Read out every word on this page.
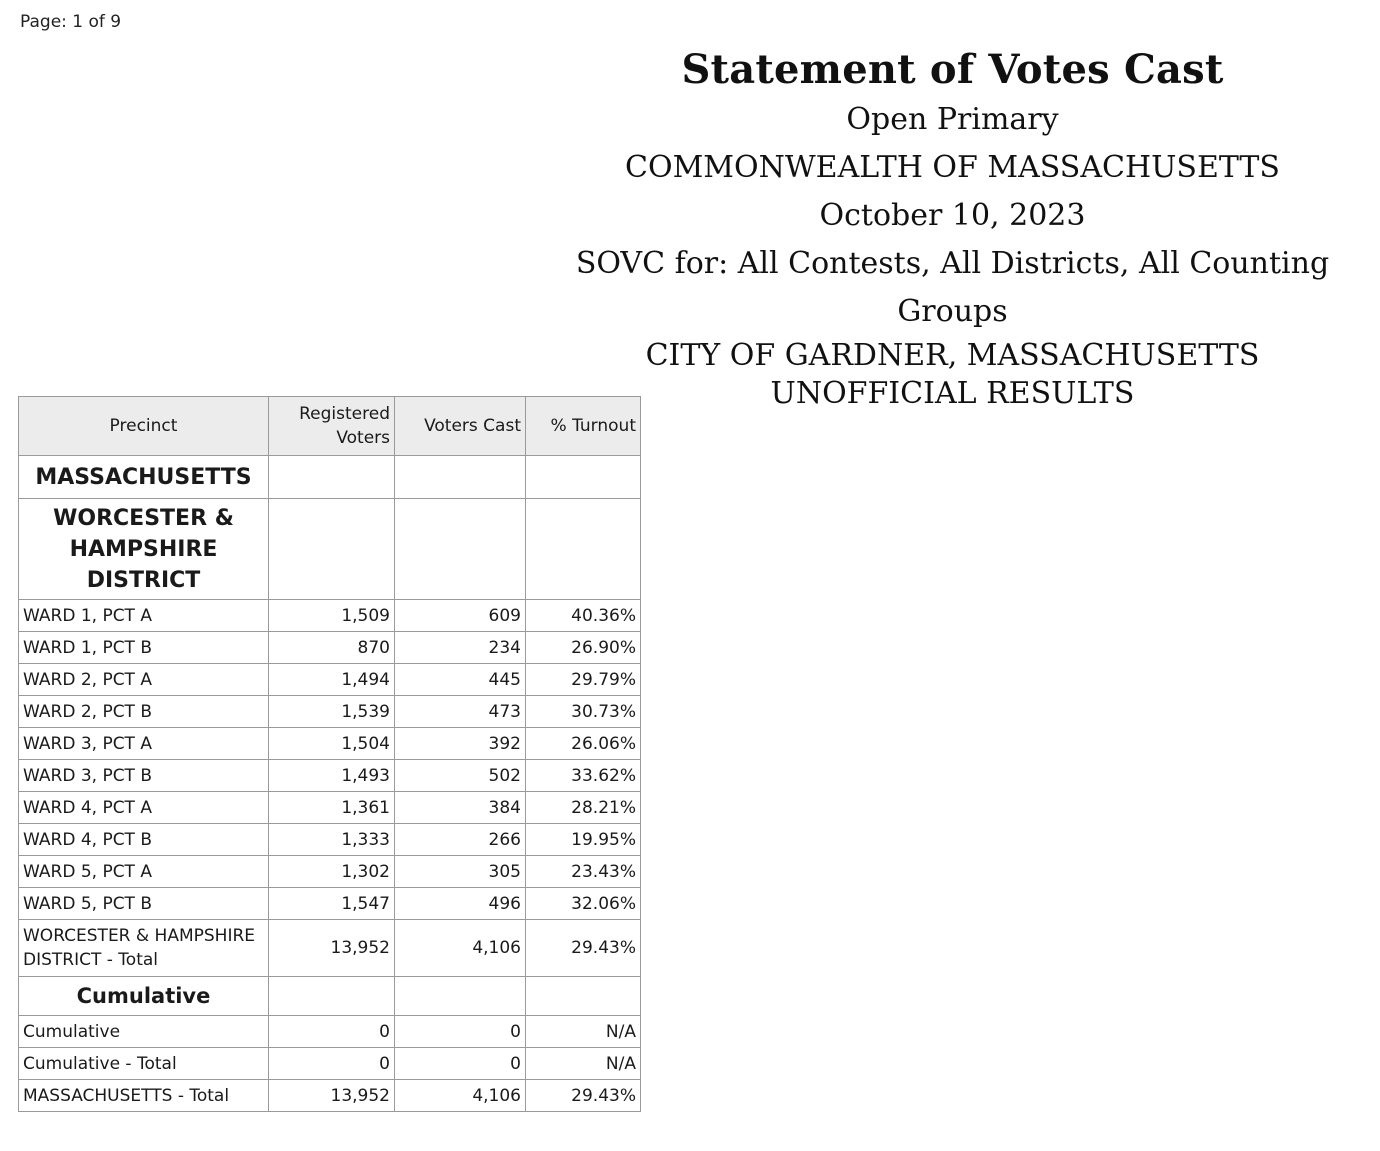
Page: 1 of 9
Statement of Votes Cast
Open Primary
COMMONWEALTH OF MASSACHUSETTS
October 10, 2023
SOVC for: All Contests, All Districts, All Counting Groups
CITY OF GARDNER, MASSACHUSETTS
UNOFFICIAL RESULTS
Precinct	Registered Voters	Voters Cast	% Turnout
MASSACHUSETTS			
WORCESTER & HAMPSHIRE DISTRICT			
WARD 1, PCT A	1,509	609	40.36%
WARD 1, PCT B	870	234	26.90%
WARD 2, PCT A	1,494	445	29.79%
WARD 2, PCT B	1,539	473	30.73%
WARD 3, PCT A	1,504	392	26.06%
WARD 3, PCT B	1,493	502	33.62%
WARD 4, PCT A	1,361	384	28.21%
WARD 4, PCT B	1,333	266	19.95%
WARD 5, PCT A	1,302	305	23.43%
WARD 5, PCT B	1,547	496	32.06%
WORCESTER & HAMPSHIRE DISTRICT - Total	13,952	4,106	29.43%
Cumulative			
Cumulative	0	0	N/A
Cumulative - Total	0	0	N/A
MASSACHUSETTS - Total	13,952	4,106	29.43%
